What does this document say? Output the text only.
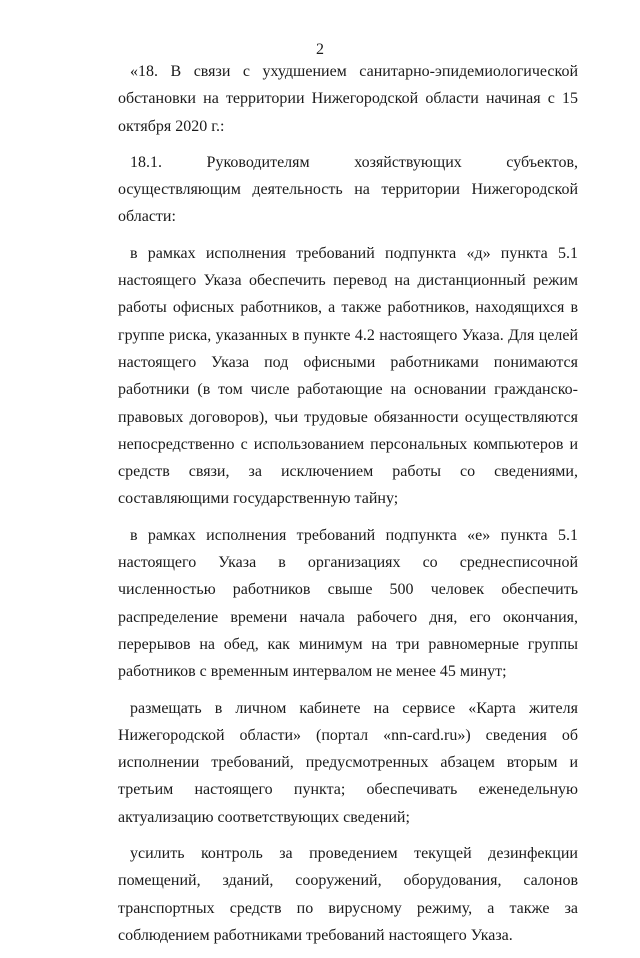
2

«18. В связи с ухудшением санитарно-эпидемиологической обстановки на территории Нижегородской области начиная с 15 октября 2020 г.:

18.1. Руководителям хозяйствующих субъектов, осуществляющим деятельность на территории Нижегородской области:

в рамках исполнения требований подпункта «д» пункта 5.1 настоящего Указа обеспечить перевод на дистанционный режим работы офисных работников, а также работников, находящихся в группе риска, указанных в пункте 4.2 настоящего Указа. Для целей настоящего Указа под офисными работниками понимаются работники (в том числе работающие на основании гражданско-правовых договоров), чьи трудовые обязанности осуществляются непосредственно с использованием персональных компьютеров и средств связи, за исключением работы со сведениями, составляющими государственную тайну;

в рамках исполнения требований подпункта «е» пункта 5.1 настоящего Указа в организациях со среднесписочной численностью работников свыше 500 человек обеспечить распределение времени начала рабочего дня, его окончания, перерывов на обед, как минимум на три равномерные группы работников с временным интервалом не менее 45 минут;

размещать в личном кабинете на сервисе «Карта жителя Нижегородской области» (портал «nn-card.ru») сведения об исполнении требований, предусмотренных абзацем вторым и третьим настоящего пункта; обеспечивать еженедельную актуализацию соответствующих сведений;

усилить контроль за проведением текущей дезинфекции помещений, зданий, сооружений, оборудования, салонов транспортных средств по вирусному режиму, а также за соблюдением работниками требований настоящего Указа.
